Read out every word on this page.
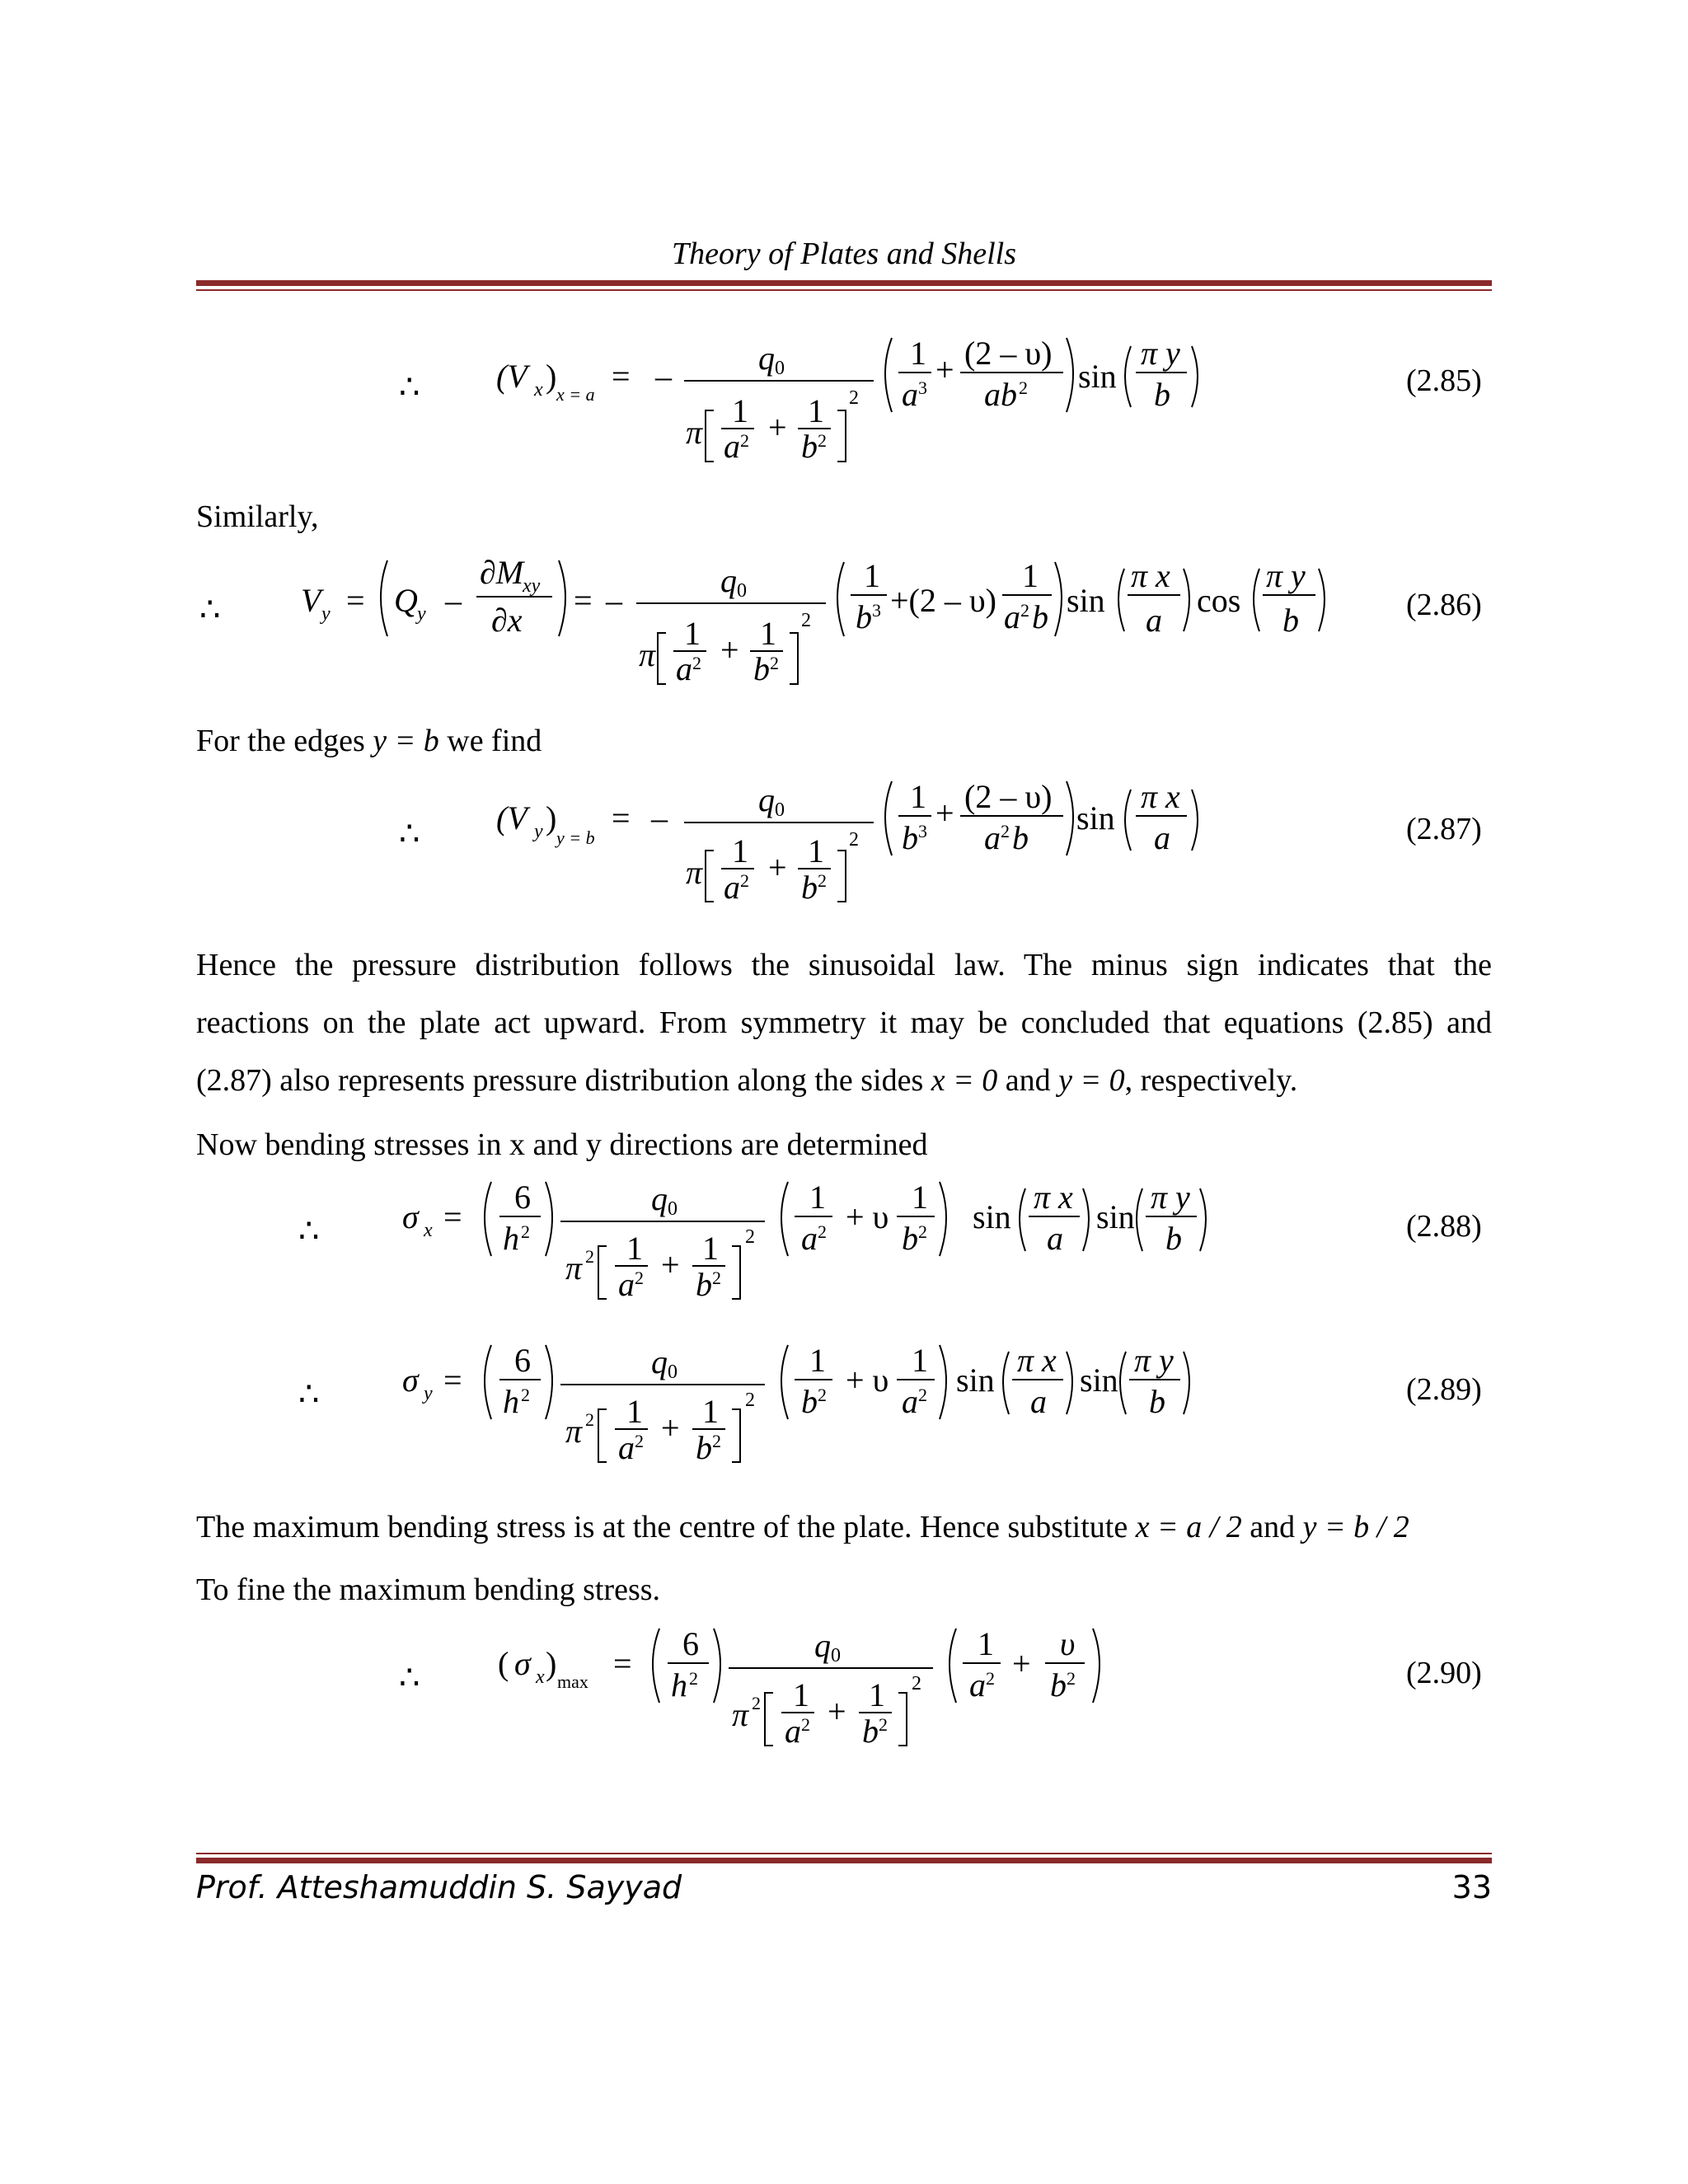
Theory of Plates and Shells
∴ (V x ) x = a = –	q 0
π
1
a 2 + 1
b 2
2
1
a 3 + (2 – υ)
ab 2 sin
π y
b	(2.85)
Similarly,
∴ V y = Q y –
∂M
xy
∂x
= –
q 0
π
1
a 2 + 1
b 2
2
1
b 3 +(2 – υ)
1
a 2 b sin
π x
a
cos
π y
b	(2.86)
For the edges y = b we find
∴ (V y )
y = b
= –	q 0
π
1
a 2 + 1
b 2
2
1
b 3 + (2 – υ)
a 2 b
sin
π x
a	(2.87)
Hence the pressure distribution follows the sinusoidal law. The minus sign indicates that the
reactions on the plate act upward. From symmetry it may be concluded that equations (2.85) and
(2.87) also represents pressure distribution along the sides x = 0 and y = 0, respectively.
Now bending stresses in x and y directions are determined
∴	σ x =
6
h 2
q 0
π 2 1
a 2 + 1
b 2
2
1
a 2 + υ
1
b 2 sin
π x
a
sin
π y
b	(2.88)
∴	σ y =
6
h 2
q 0
π 2 1
a 2 + 1
b 2
2
1
b 2 + υ
1
a 2 sin
π x
a
sin
π y
b	(2.89)
The maximum bending stress is at the centre of the plate. Hence substitute x = a / 2 and y = b / 2
To fine the maximum bending stress.
∴ ( σ x ) max =
6
h 2
q 0
π 2 1
a 2 + 1
b 2
2
1
a 2 +
υ
b 2	(2.90)
Prof. Atteshamuddin S. Sayyad	33
